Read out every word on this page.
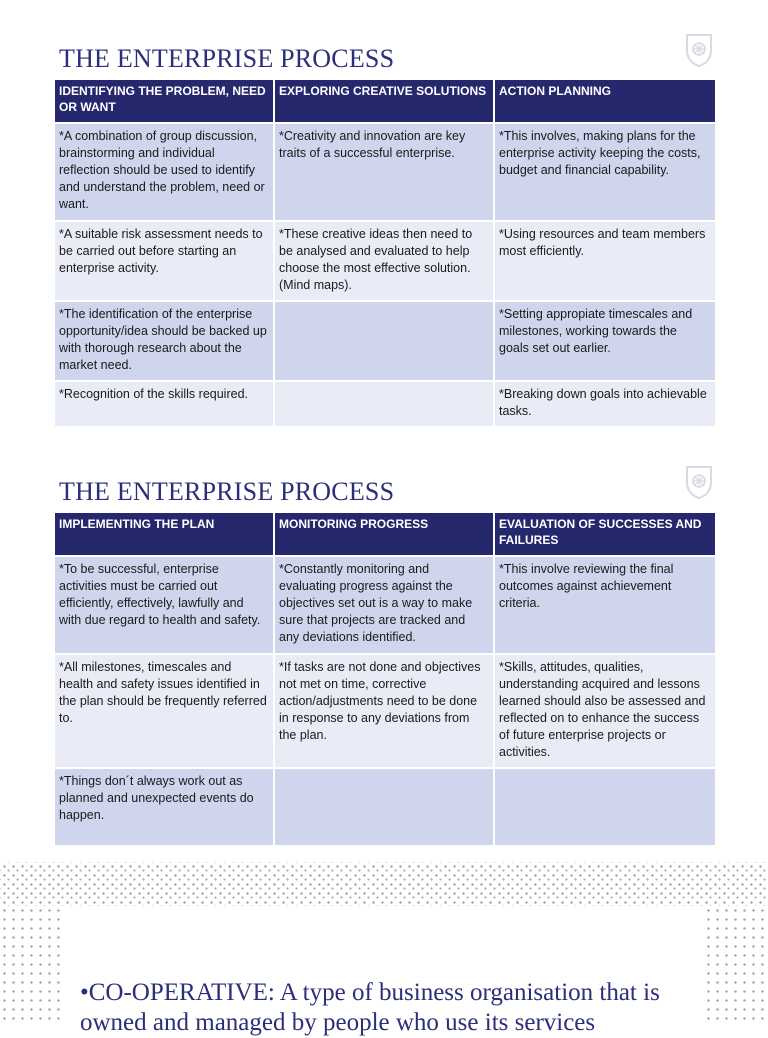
THE ENTERPRISE PROCESS
IDENTIFYING THE PROBLEM, NEED OR WANT	EXPLORING CREATIVE SOLUTIONS	ACTION PLANNING
*A combination of group discussion, brainstorming and individual reflection should be used to identify and understand the problem, need or want.	*Creativity and innovation are key traits of a successful enterprise.	*This involves, making plans for the enterprise activity keeping the costs, budget and financial capability.
*A suitable risk assessment needs to be carried out before starting an enterprise activity.	*These creative ideas then need to be analysed and evaluated to help choose the most effective solution. (Mind maps).	*Using resources and team members most efficiently.
*The identification of the enterprise opportunity/idea should be backed up with thorough research about the market need.		*Setting appropiate timescales and milestones, working towards the goals set out earlier.
*Recognition of the skills required.		*Breaking down goals into achievable tasks.
THE ENTERPRISE PROCESS
IMPLEMENTING THE PLAN	MONITORING PROGRESS	EVALUATION OF SUCCESSES AND FAILURES
*To be successful, enterprise activities must be carried out efficiently, effectively, lawfully and with due regard to health and safety.	*Constantly monitoring and evaluating progress against the objectives set out is a way to make sure that projects are tracked and any deviations identified.	*This involve reviewing the final outcomes against achievement criteria.
*All milestones, timescales and health and safety issues identified in the plan should be frequently referred to.	*If tasks are not done and objectives not met on time, corrective action/adjustments need to be done in response to any deviations from the plan.	*Skills, attitudes, qualities, understanding acquired and lessons learned should also be assessed and reflected on to enhance the success of future enterprise projects or activities.
*Things don´t always work out as planned and unexpected events do happen.		
•CO-OPERATIVE: A type of business organisation that is owned and managed by people who use its services
